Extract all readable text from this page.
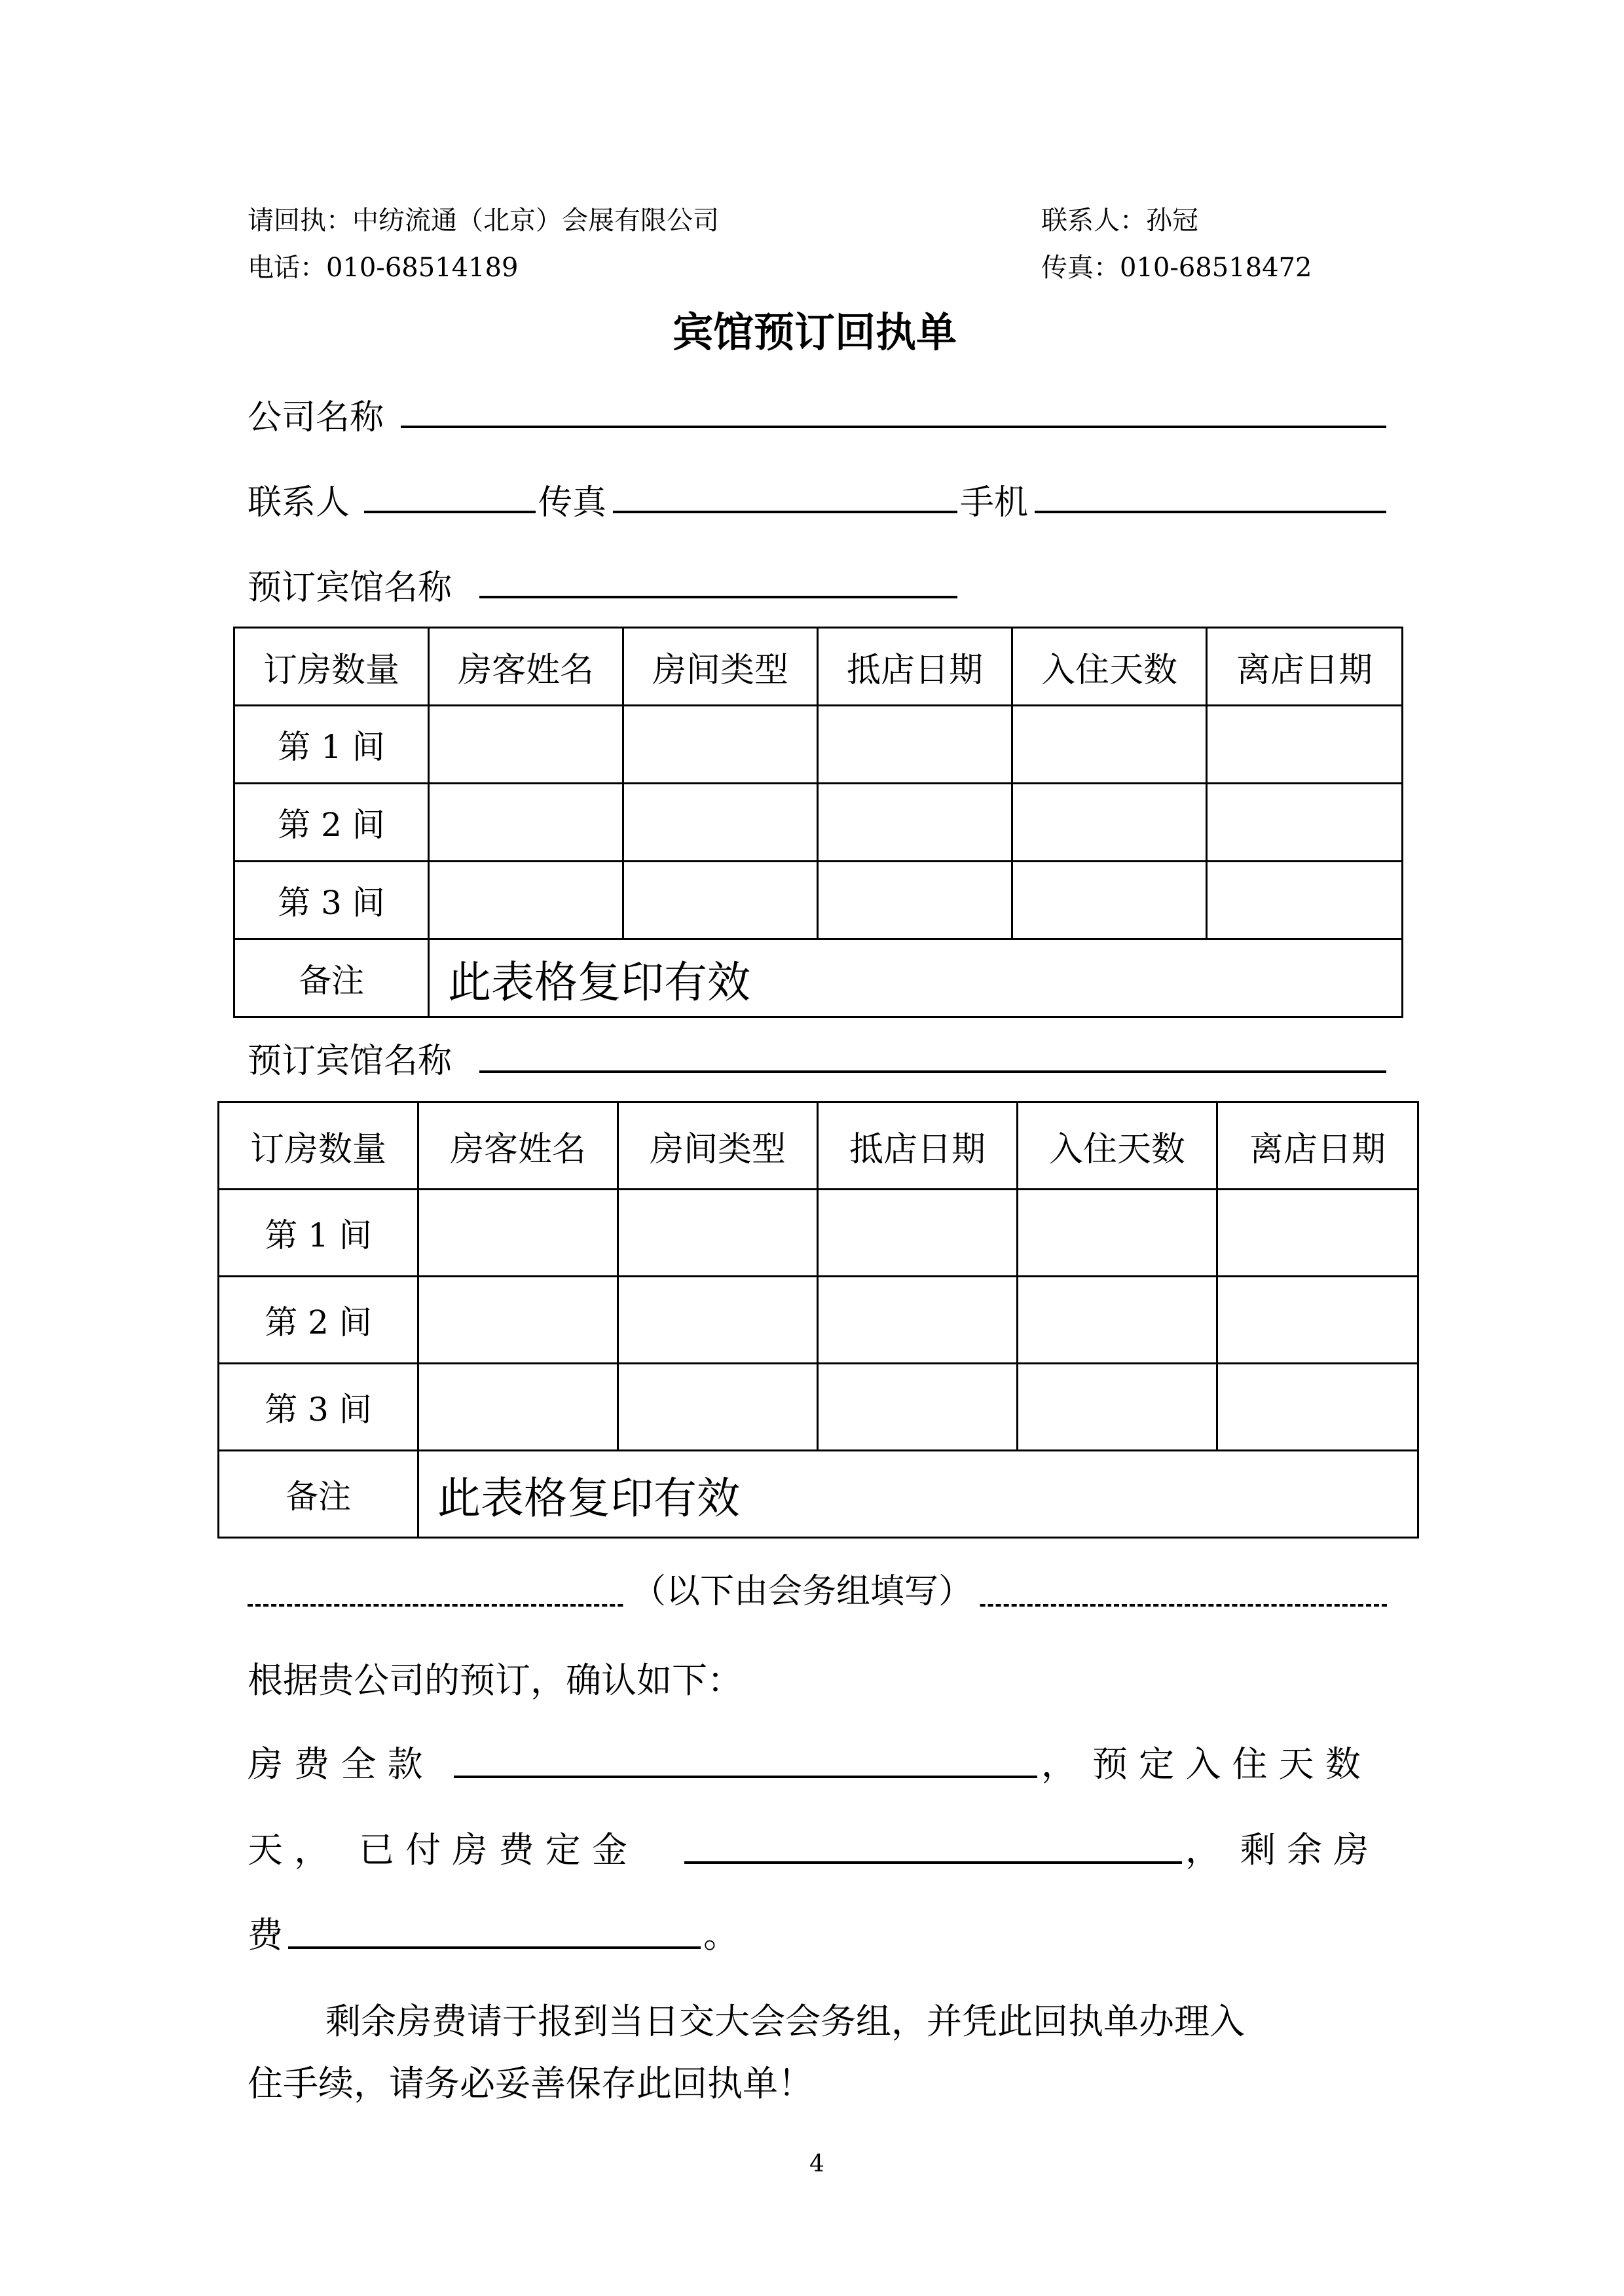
请回执：中纺流通（北京）会展有限公司	联系人：孙冠
电话：010-68514189	传真：010-68518472
宾馆预订回执单
公司名称
联系人	传真	手机
预订宾馆名称
订房数量	房客姓名	房间类型	抵店日期	入住天数	离店日期
第 1 间					
第 2 间					
第 3 间					
备注	此表格复印有效				
预订宾馆名称
订房数量	房客姓名	房间类型	抵店日期	入住天数	离店日期
第 1 间					
第 2 间					
第 3 间					
备注	此表格复印有效				
（以下由会务组填写）
根据贵公司的预订，确认如下：
房 费 全 款	， 预 定 入 住 天 数
天 ， 已 付 房 费 定 金	， 剩 余 房
费	。
剩余房费请于报到当日交大会会务组，并凭此回执单办理入
住手续，请务必妥善保存此回执单！
4
